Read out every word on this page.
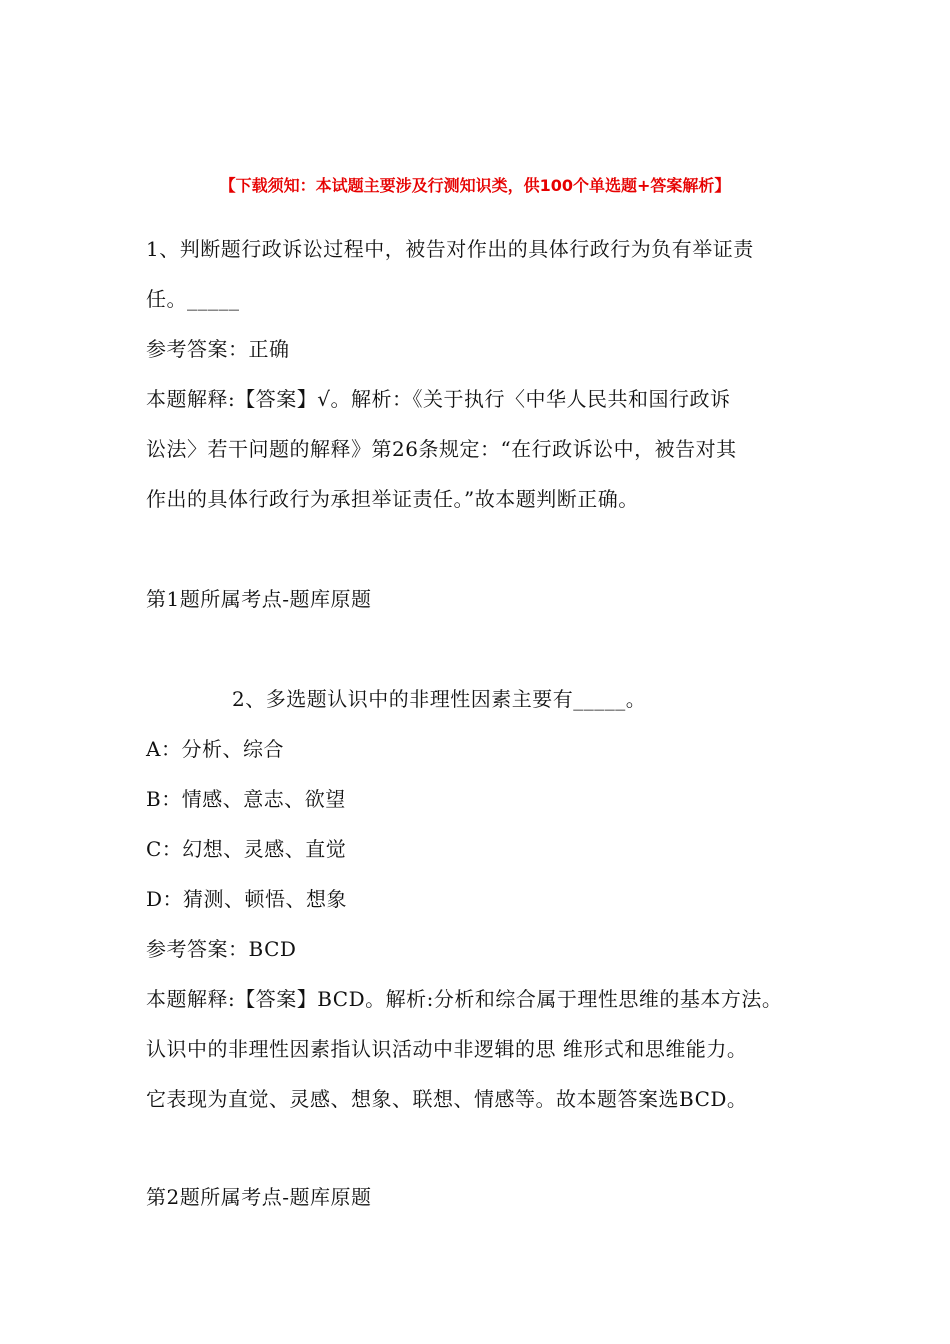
【下载须知：本试题主要涉及行测知识类，供100个单选题+答案解析】
1、判断题行政诉讼过程中，被告对作出的具体行政行为负有举证责
任。_____
参考答案：正确
本题解释:【答案】√。解析：《关于执行〈中华人民共和国行政诉
讼法〉若干问题的解释》第26条规定：“在行政诉讼中，被告对其
作出的具体行政行为承担举证责任。”故本题判断正确。
第1题所属考点-题库原题
2、多选题认识中的非理性因素主要有_____。
A：分析、综合
B：情感、意志、欲望
C：幻想、灵感、直觉
D：猜测、顿悟、想象
参考答案：BCD
本题解释:【答案】BCD。解析:分析和综合属于理性思维的基本方法。
认识中的非理性因素指认识活动中非逻辑的思 维形式和思维能力。
它表现为直觉、灵感、想象、联想、情感等。故本题答案选BCD。
第2题所属考点-题库原题
